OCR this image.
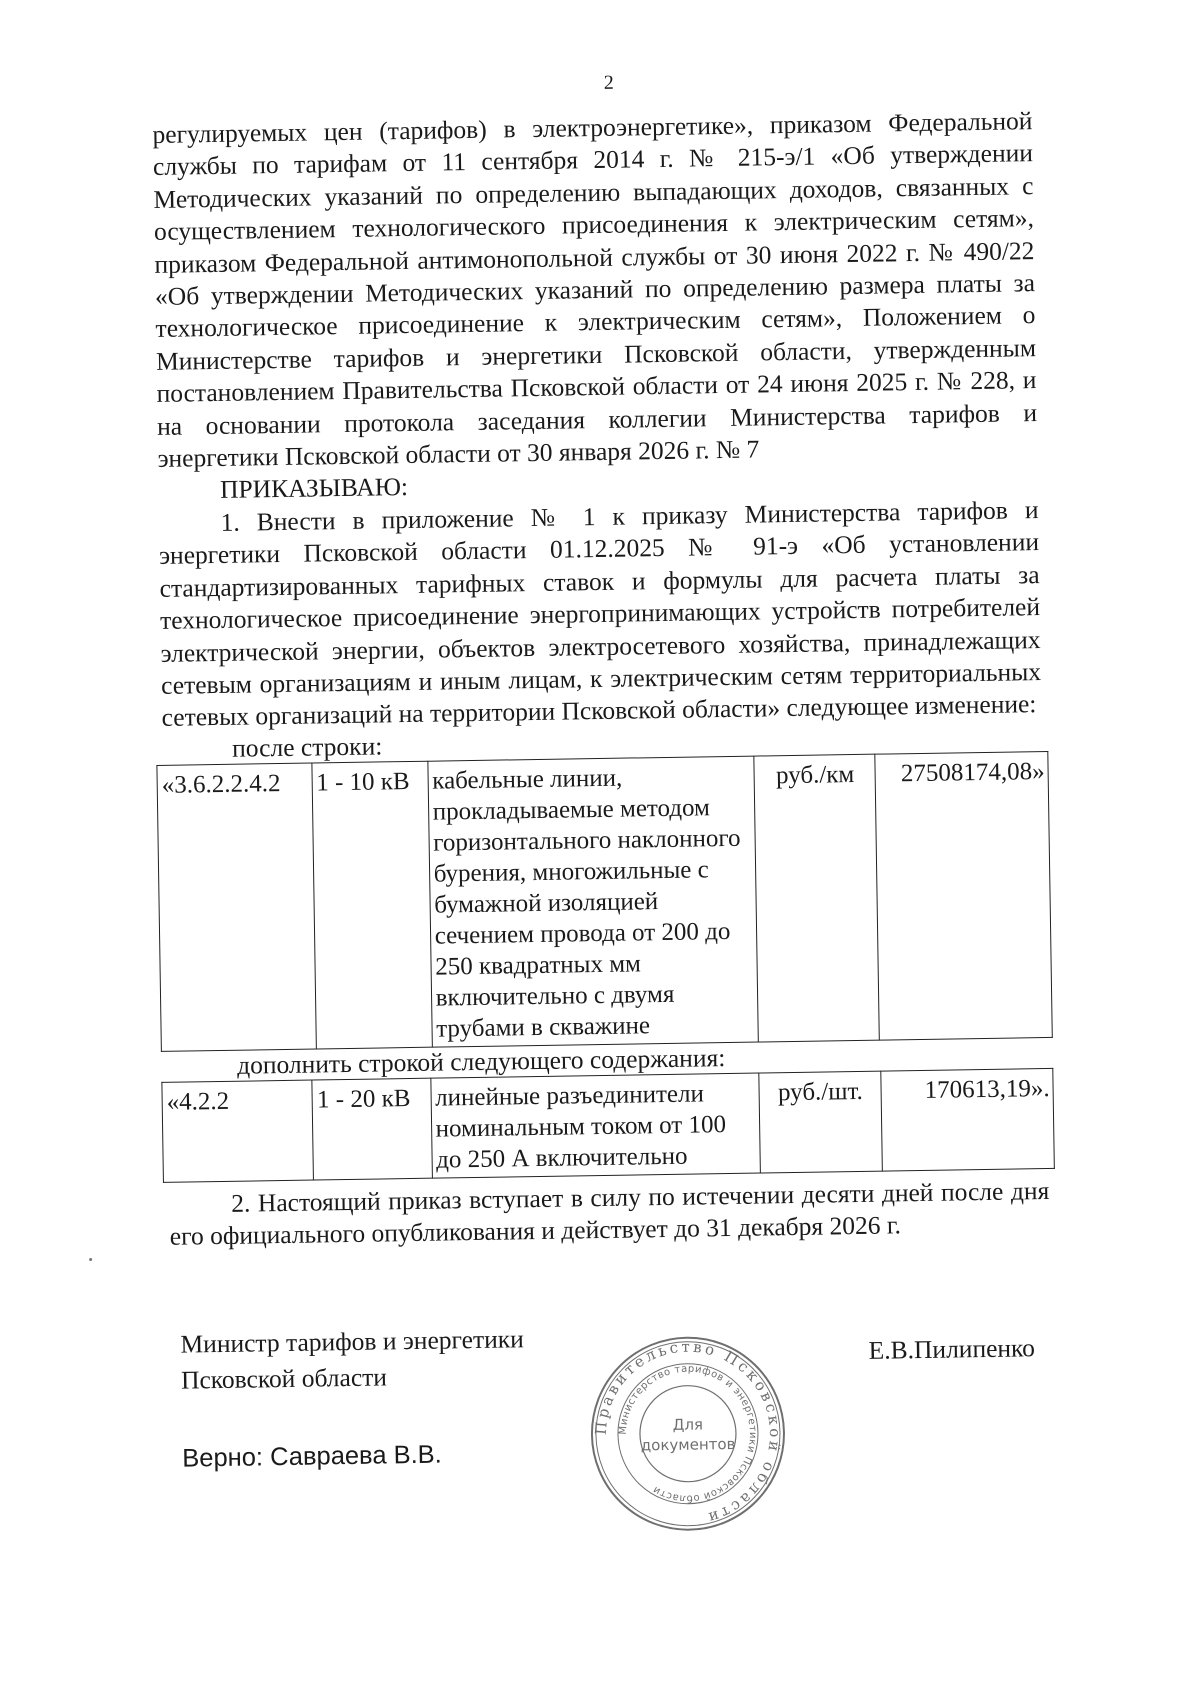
2

регулируемых цен (тарифов) в электроэнергетике», приказом Федеральной службы по тарифам от 11 сентября 2014 г. № 215-э/1 «Об утверждении Методических указаний по определению выпадающих доходов, связанных с осуществлением технологического присоединения к электрическим сетям», приказом Федеральной антимонопольной службы от 30 июня 2022 г. № 490/22 «Об утверждении Методических указаний по определению размера платы за технологическое присоединение к электрическим сетям», Положением о Министерстве тарифов и энергетики Псковской области, утвержденным постановлением Правительства Псковской области от 24 июня 2025 г. № 228, и на основании протокола заседания коллегии Министерства тарифов и энергетики Псковской области от 30 января 2026 г. № 7

ПРИКАЗЫВАЮ:

1. Внести в приложение № 1 к приказу Министерства тарифов и энергетики Псковской области 01.12.2025 № 91-э «Об установлении стандартизированных тарифных ставок и формулы для расчета платы за технологическое присоединение энергопринимающих устройств потребителей электрической энергии, объектов электросетевого хозяйства, принадлежащих сетевым организациям и иным лицам, к электрическим сетям территориальных сетевых организаций на территории Псковской области» следующее изменение:

после строки:

«3.6.2.2.4.2	1 - 10 кВ	кабельные линии, прокладываемые методом горизонтального наклонного бурения, многожильные с бумажной изоляцией сечением провода от 200 до 250 квадратных мм включительно с двумя трубами в скважине	руб./км	27508174,08»

дополнить строкой следующего содержания:

«4.2.2	1 - 20 кВ	линейные разъединители номинальным током от 100 до 250 А включительно	руб./шт.	170613,19».

2. Настоящий приказ вступает в силу по истечении десяти дней после дня его официального опубликования и действует до 31 декабря 2026 г.

Министр тарифов и энергетики
Псковской области
Е.В.Пилипенко
Верно: Савраева В.В.
Правительство Псковской области
Министерство тарифов и энергетики Псковской области
Для
документов
